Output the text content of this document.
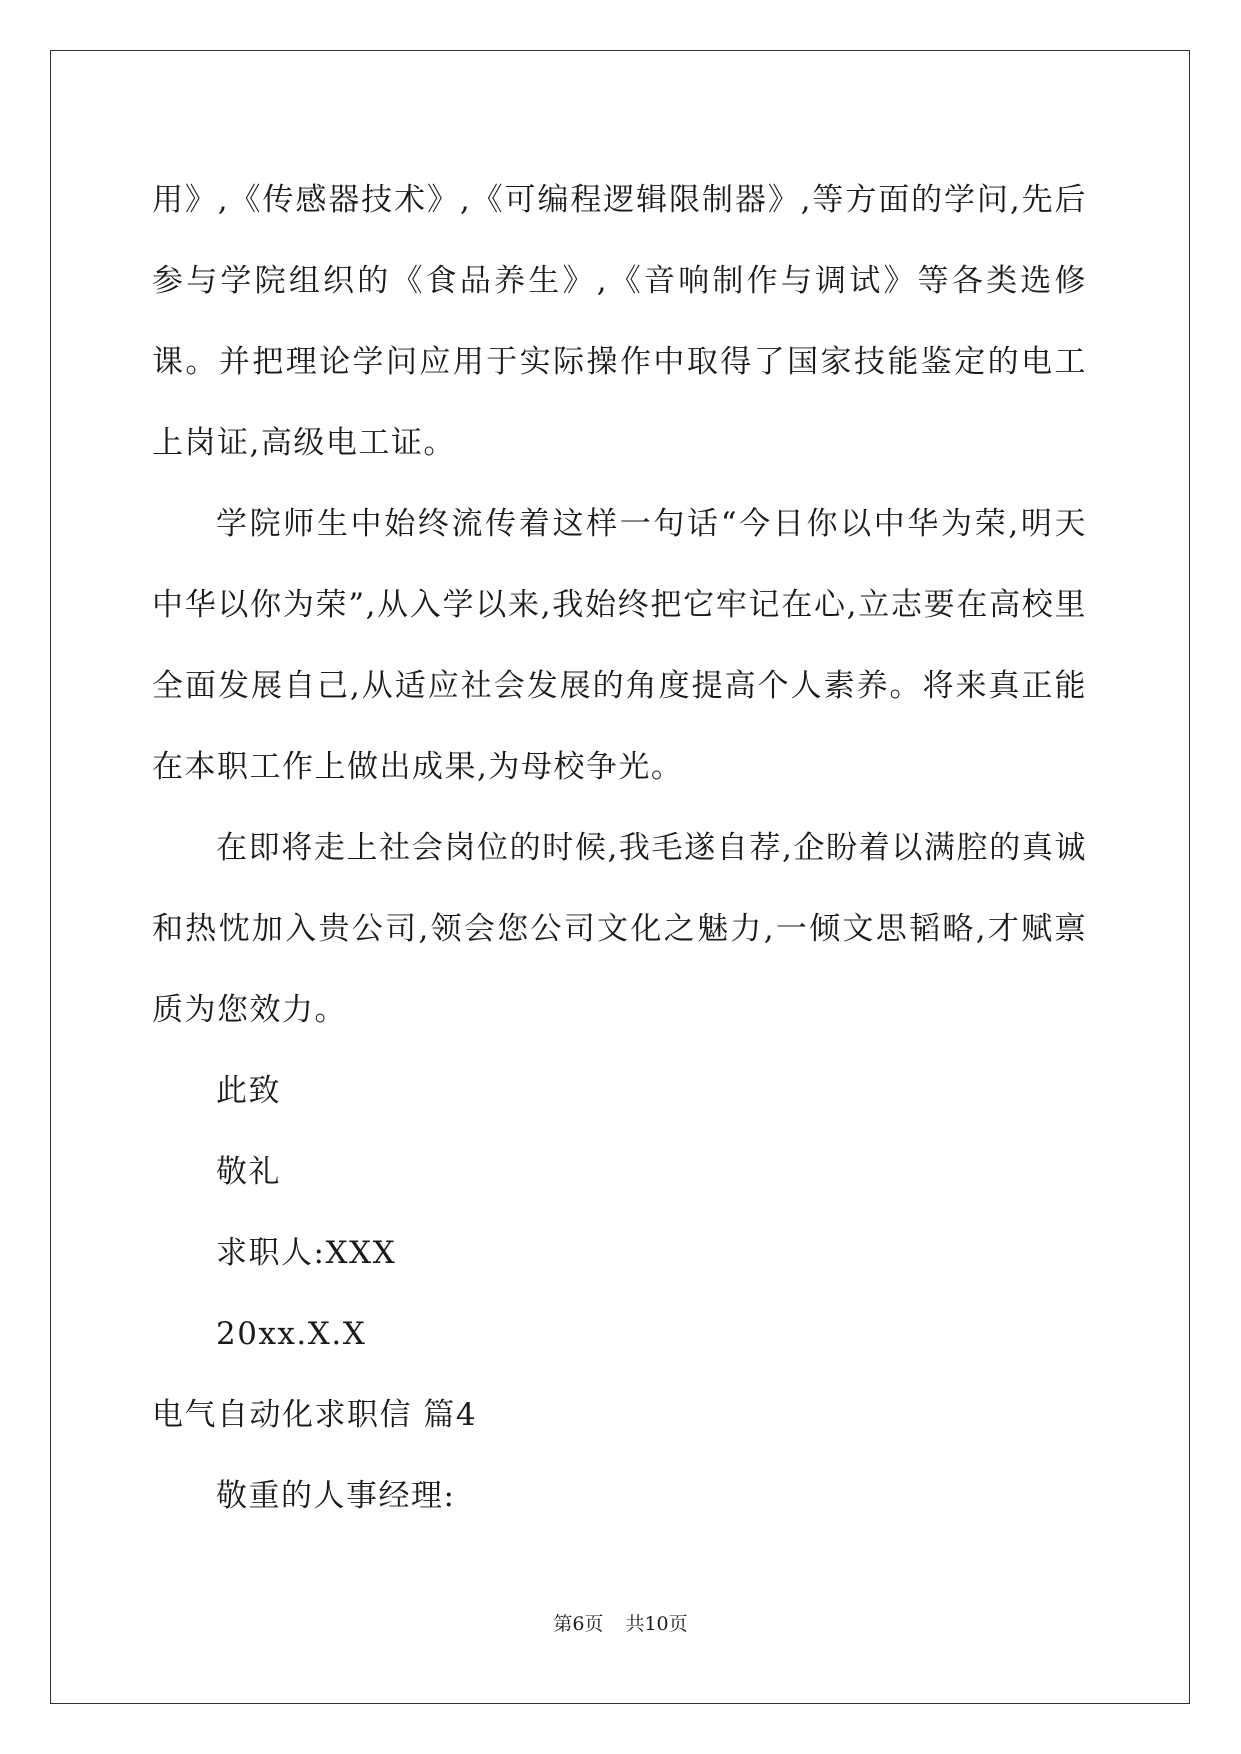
用》,《传感器技术》,《可编程逻辑限制器》,等方面的学问,先后参与学院组织的《食品养生》,《音响制作与调试》等各类选修课。并把理论学问应用于实际操作中取得了国家技能鉴定的电工上岗证,高级电工证。

学院师生中始终流传着这样一句话“今日你以中华为荣,明天中华以你为荣”,从入学以来,我始终把它牢记在心,立志要在高校里全面发展自己,从适应社会发展的角度提高个人素养。将来真正能在本职工作上做出成果,为母校争光。

在即将走上社会岗位的时候,我毛遂自荐,企盼着以满腔的真诚和热忱加入贵公司,领会您公司文化之魅力,一倾文思韬略,才赋禀质为您效力。

此致

敬礼

求职人:XXX

20xx.X.X

电气自动化求职信 篇4

敬重的人事经理:

第6页 共10页
